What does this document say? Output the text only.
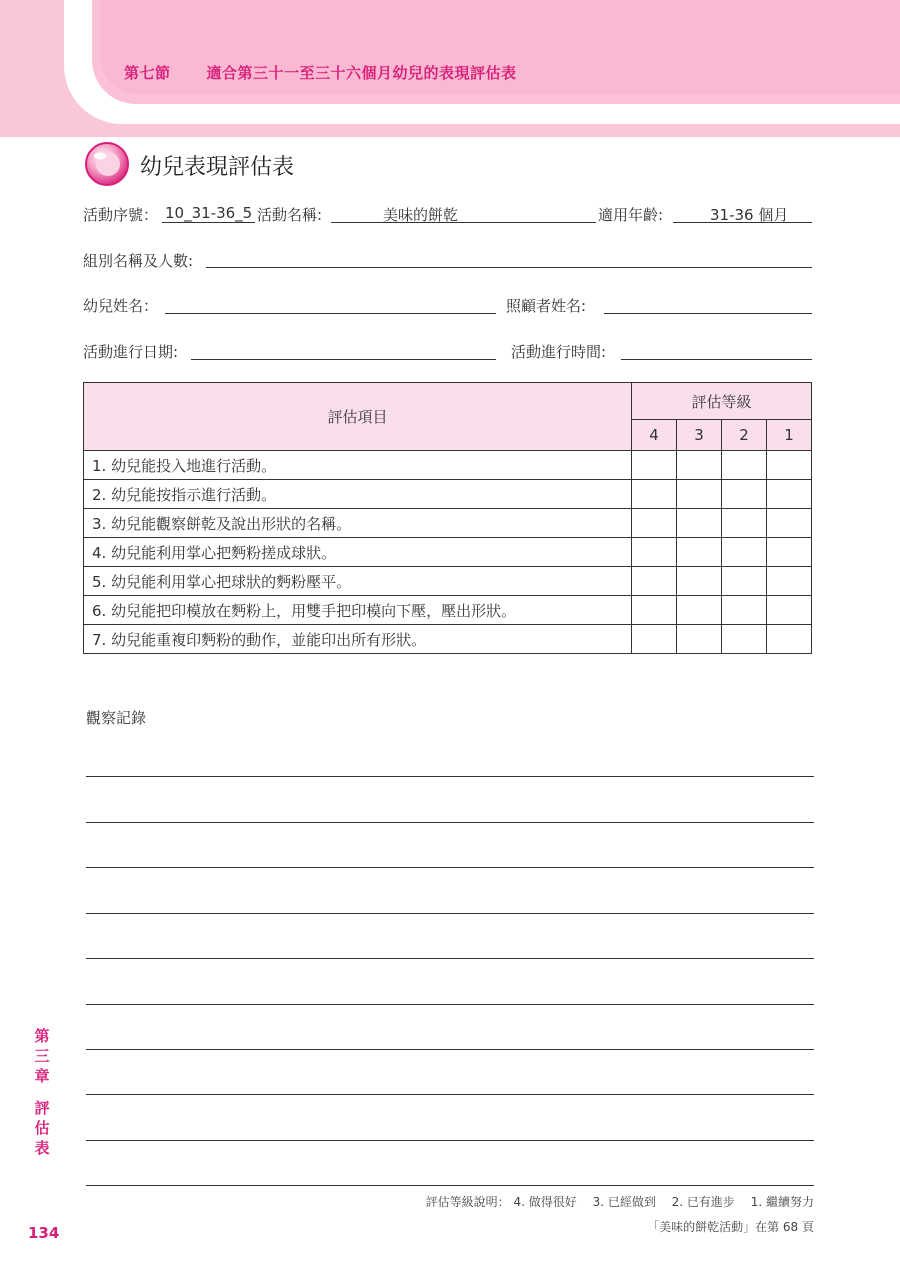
第七節 適合第三十一至三十六個月幼兒的表現評估表
幼兒表現評估表
活動序號： 10_31-36_5 活動名稱:	美味的餅乾	適用年齡:	31-36 個月
組別名稱及人數:
幼兒姓名：	照顧者姓名:
活動進行日期:	活動進行時間:
評估項目	評估等級			
	4	3	2	1
1. 幼兒能投入地進行活動。				
2. 幼兒能按指示進行活動。				
3. 幼兒能觀察餅乾及說出形狀的名稱。				
4. 幼兒能利用掌心把麪粉搓成球狀。				
5. 幼兒能利用掌心把球狀的麪粉壓平。				
6. 幼兒能把印模放在麪粉上，用雙手把印模向下壓，壓出形狀。				
7. 幼兒能重複印麪粉的動作，並能印出所有形狀。				
觀察記錄
第
三
章
評
估
表
134
評估等級說明： 4. 做得很好　 3. 已經做到　 2. 已有進步　 1. 繼續努力
「美味的餅乾活動」在第 68 頁
